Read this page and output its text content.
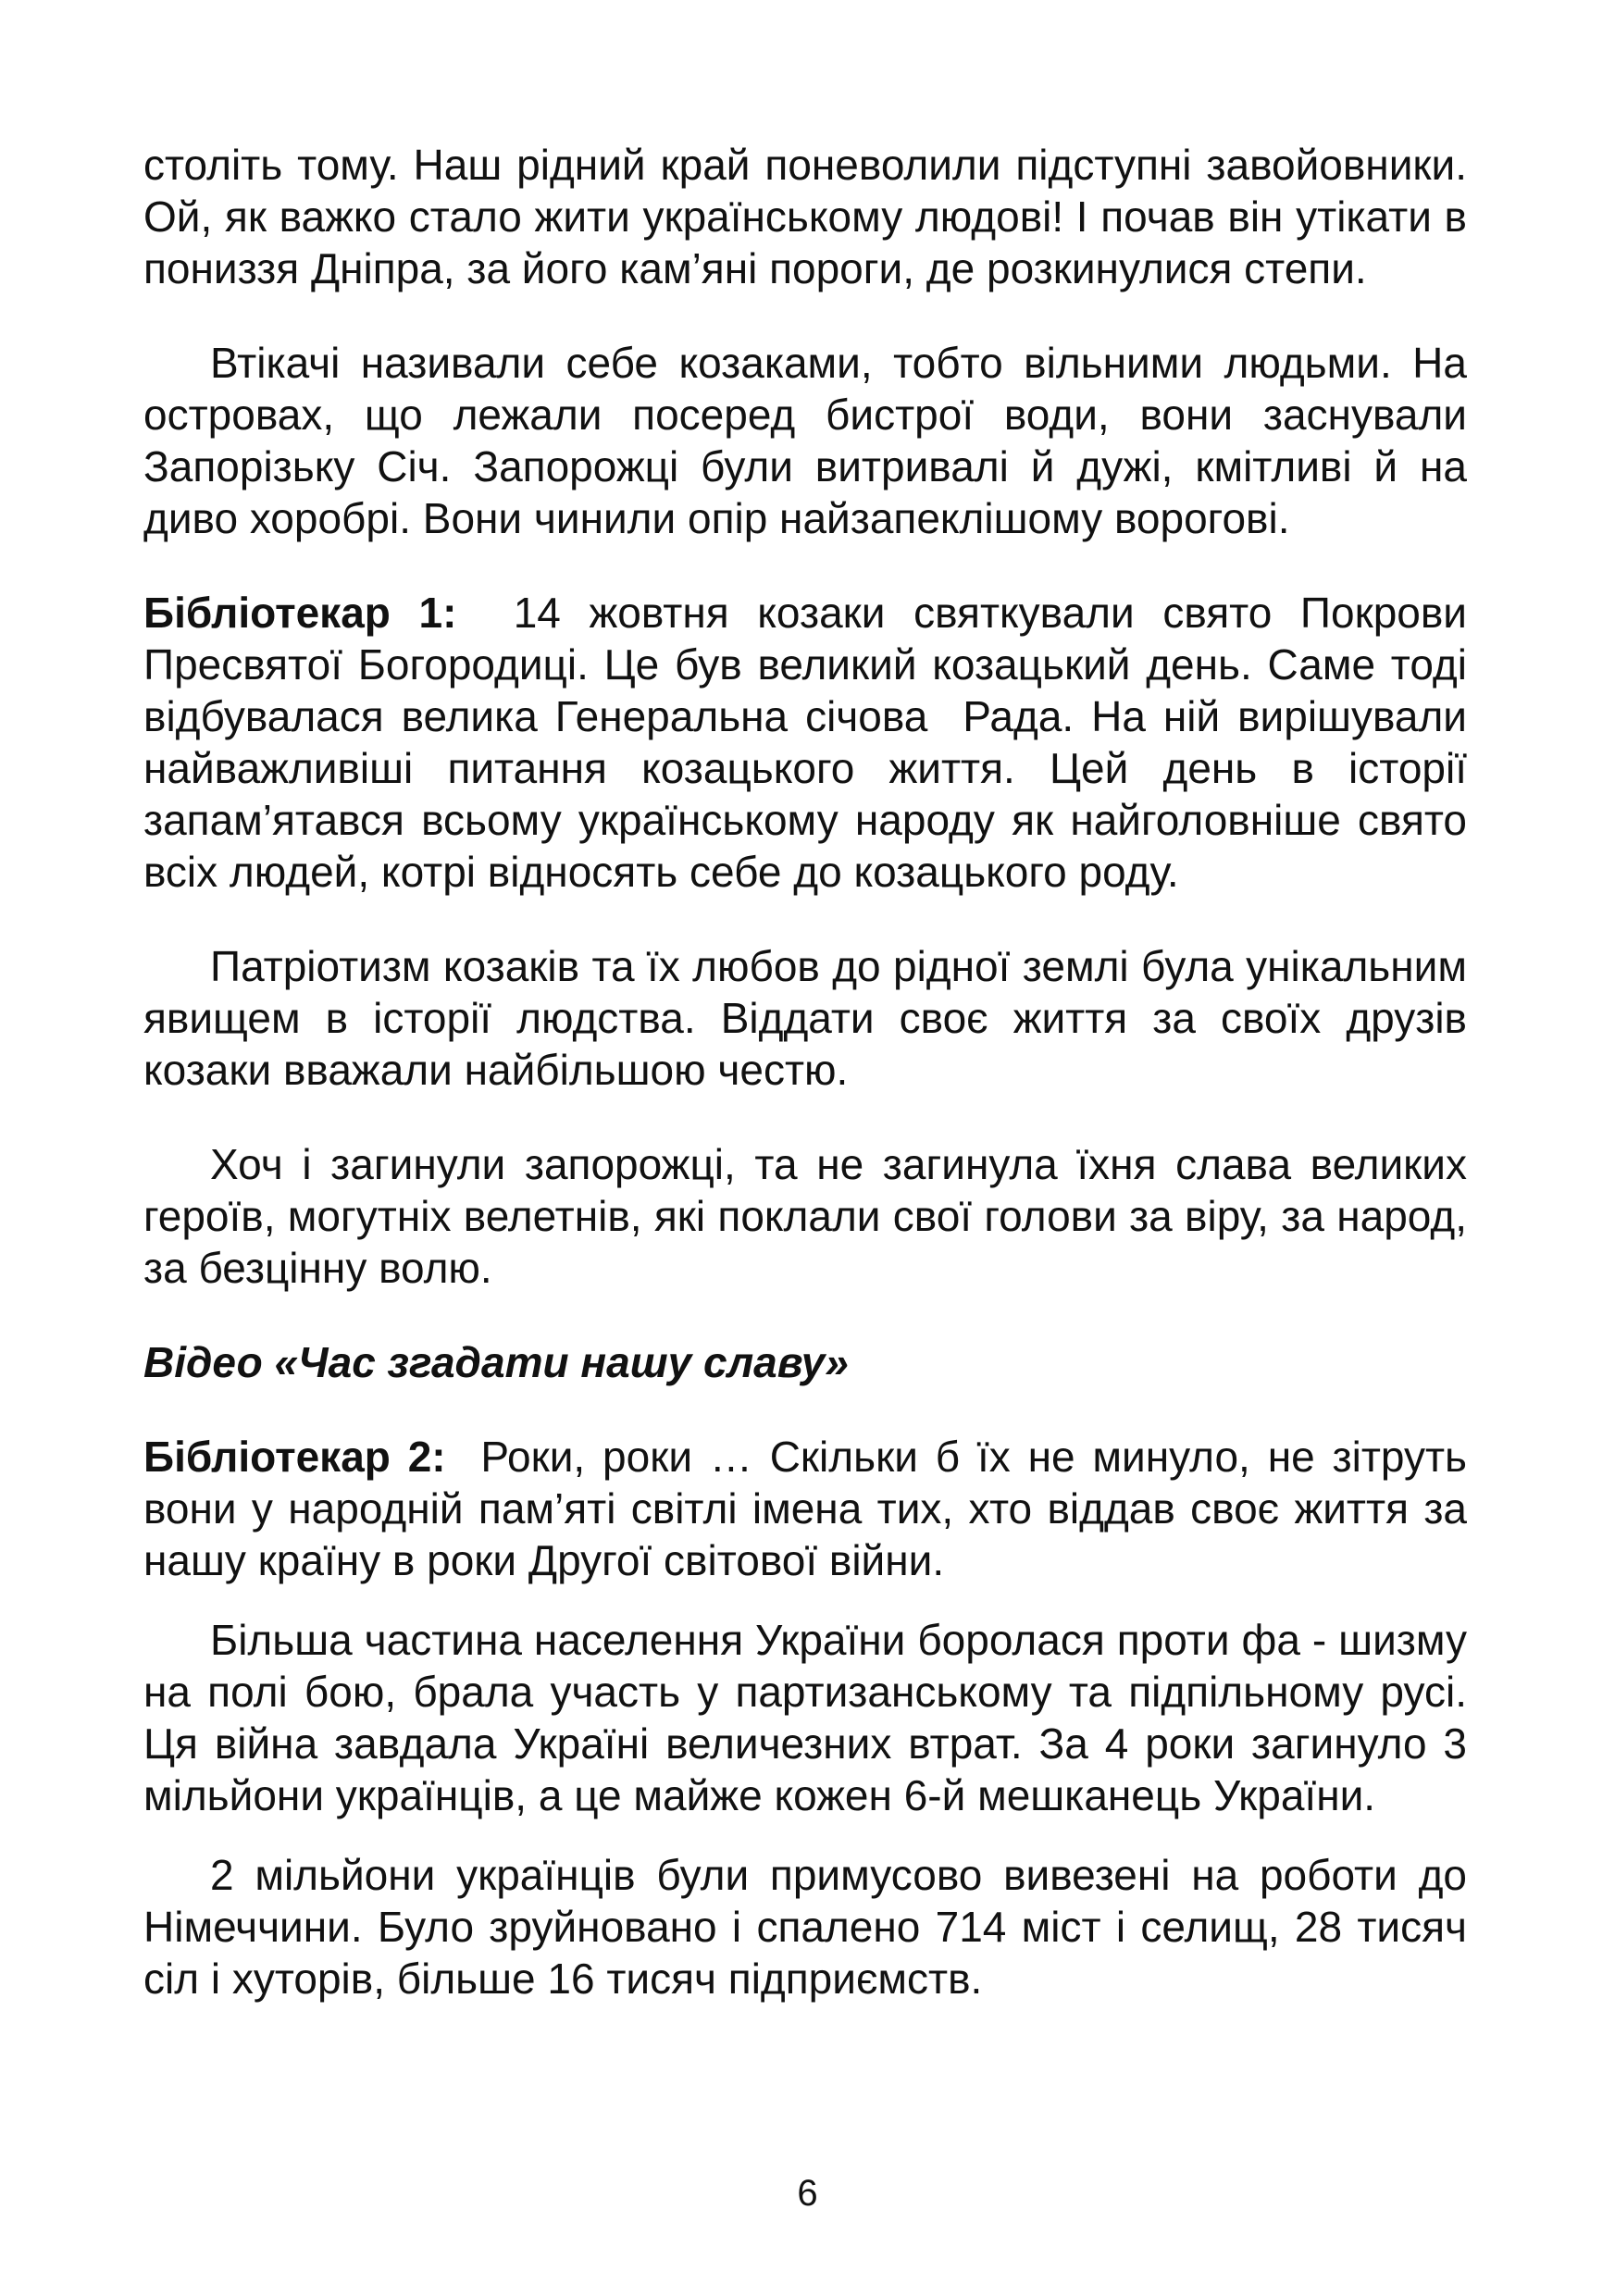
століть тому. Наш рідний край поневолили підступні завойовники. Ой, як важко стало жити українському людові! І почав він утікати в пониззя Дніпра, за його кам’яні пороги, де розкинулися степи.

Втікачі називали себе козаками, тобто вільними людьми. На островах, що лежали посеред бистрої води, вони заснували Запорізьку Січ. Запорожці були витривалі й дужі, кмітливі й на диво хоробрі. Вони чинили опір найзапеклішому ворогові.

Бібліотекар 1:  14 жовтня козаки святкували свято Покрови Пресвятої Богородиці. Це був великий козацький день. Саме тоді відбувалася велика Генеральна січова  Рада. На ній вирішували найважливіші питання козацького життя. Цей день в історії запам’ятався всьому українському народу як найголовніше свято всіх людей, котрі відносять себе до козацького роду.

Патріотизм козаків та їх любов до рідної землі була унікальним явищем в історії людства. Віддати своє життя за своїх друзів козаки вважали найбільшою честю.

Хоч і загинули запорожці, та не загинула їхня слава великих героїв, могутніх велетнів, які поклали свої голови за віру, за народ, за безцінну волю.

Відео «Час згадати нашу славу»

Бібліотекар 2:  Роки, роки … Скільки б їх не минуло, не зітруть вони у народній пам’яті світлі імена тих, хто віддав своє життя за нашу країну в роки Другої світової війни.

Більша частина населення України боролася проти фа - шизму на полі бою, брала участь у партизанському та підпільному русі. Ця війна завдала Україні величезних втрат. За 4 роки загинуло 3 мільйони українців, а це майже кожен 6-й мешканець України.

2 мільйони українців були примусово вивезені на роботи до Німеччини. Було зруйновано і спалено 714 міст і селищ, 28 тисяч сіл і хуторів, більше 16 тисяч підприємств.

6
